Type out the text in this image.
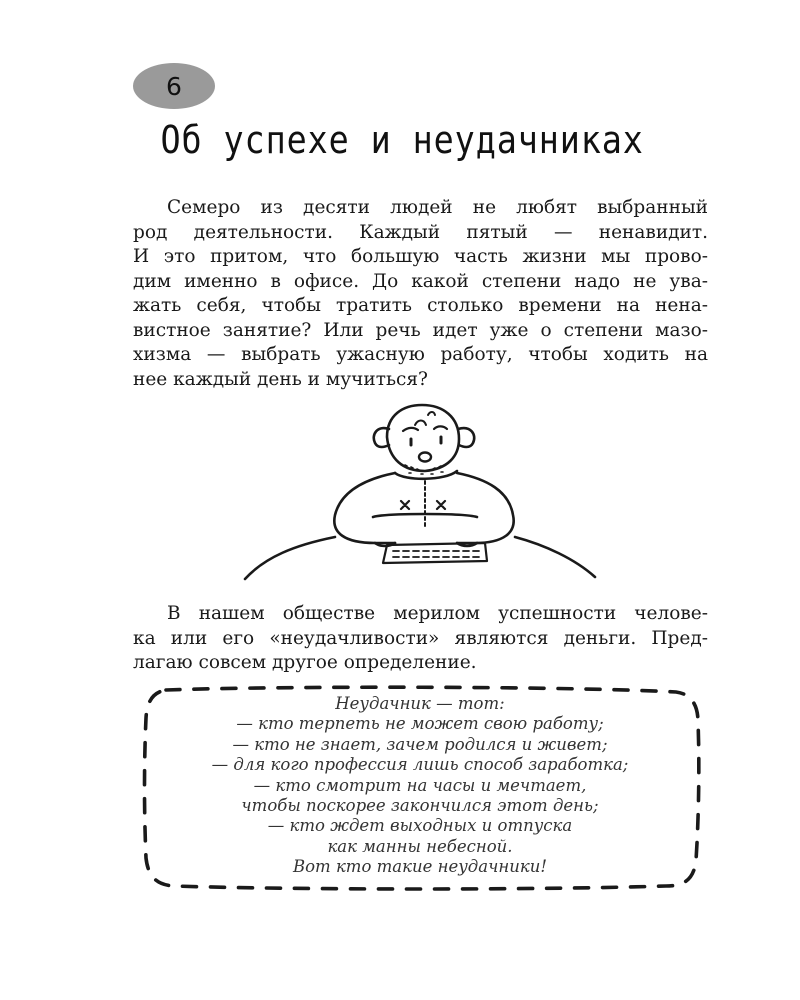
6
Об успехе и неудачниках
Семеро из десяти людей не любят выбранный
род деятельности. Каждый пятый — ненавидит.
И это притом, что большую часть жизни мы прово-
дим именно в офисе. До какой степени надо не ува-
жать себя, чтобы тратить столько времени на нена-
вистное занятие? Или речь идет уже о степени мазо-
хизма — выбрать ужасную работу, чтобы ходить на
нее каждый день и мучиться?
В нашем обществе мерилом успешности челове-
ка или его «неудачливости» являются деньги. Пред-
лагаю совсем другое определение.
Неудачник — тот:
— кто терпеть не может свою работу;
— кто не знает, зачем родился и живет;
— для кого профессия лишь способ заработка;
— кто смотрит на часы и мечтает,
чтобы поскорее закончился этот день;
— кто ждет выходных и отпуска
как манны небесной.
Вот кто такие неудачники!
